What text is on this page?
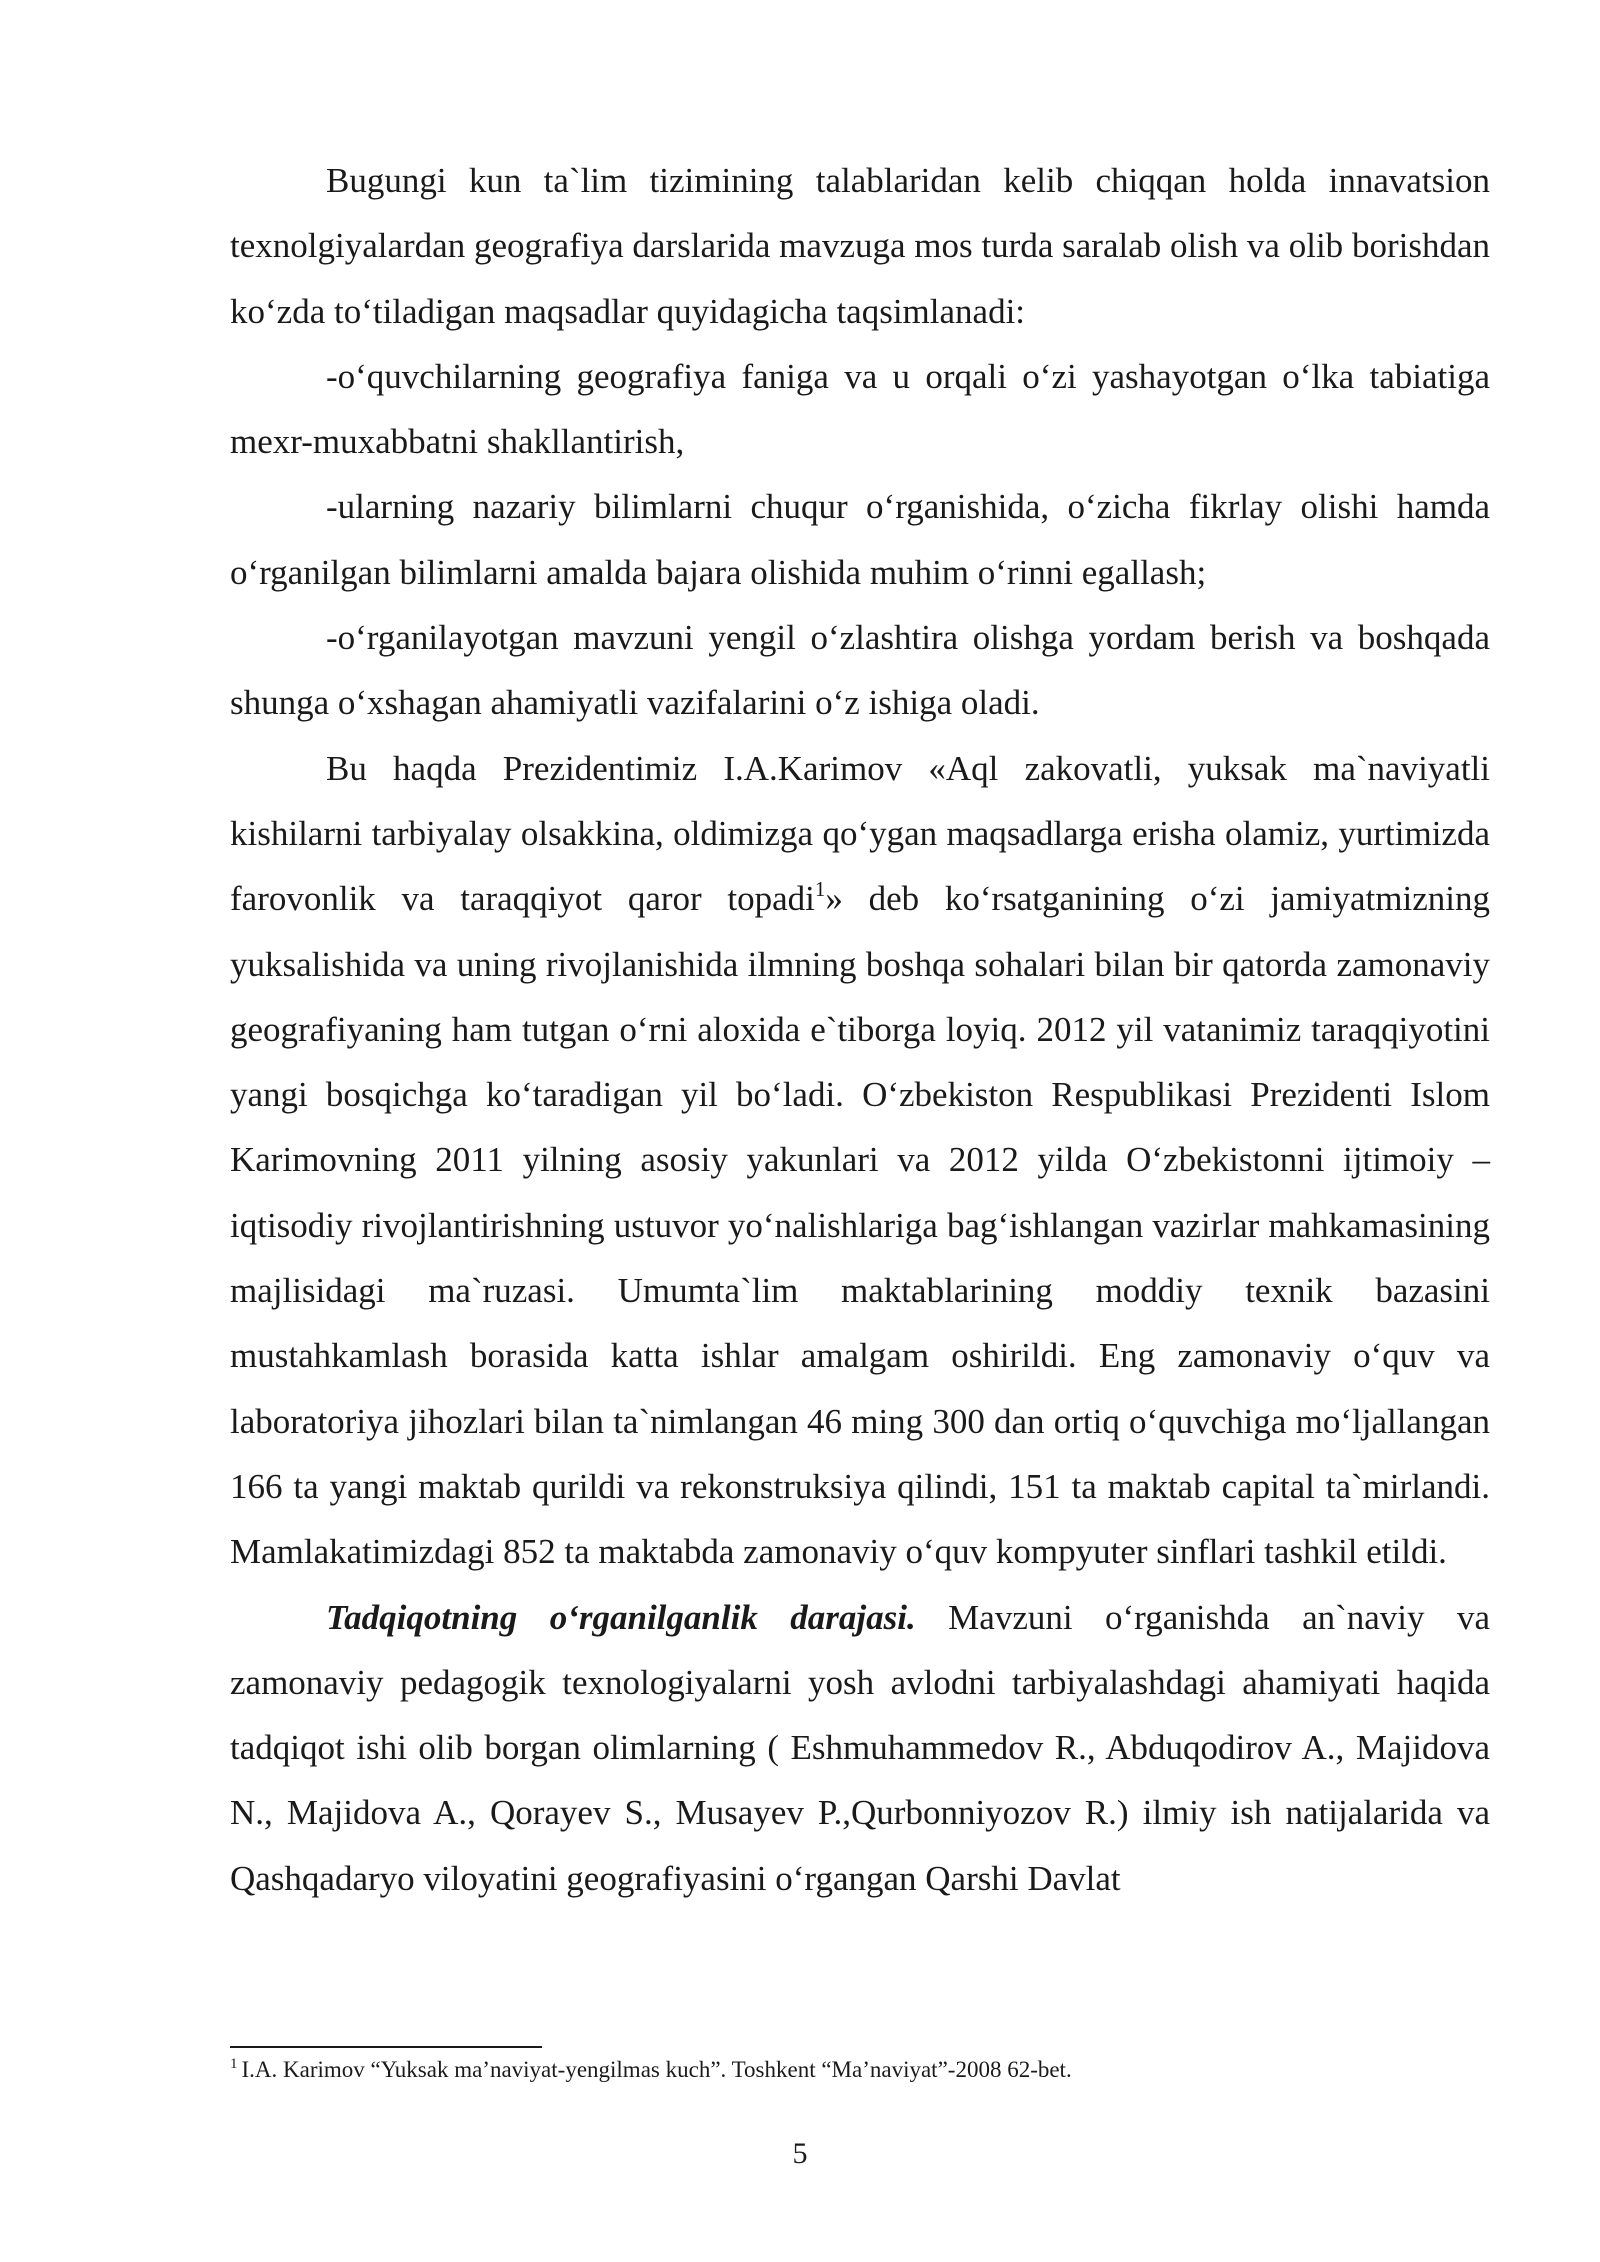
Bugungi kun ta`lim tizimining talablaridan kelib chiqqan holda innavatsion texnolgiyalardan geografiya darslarida mavzuga mos turda saralab olish va olib borishdan ko‘zda to‘tiladigan maqsadlar quyidagicha taqsimlanadi:

-o‘quvchilarning geografiya faniga va u orqali o‘zi yashayotgan o‘lka tabiatiga mexr-muxabbatni shakllantirish,

-ularning nazariy bilimlarni chuqur o‘rganishida, o‘zicha fikrlay olishi hamda o‘rganilgan bilimlarni amalda bajara olishida muhim o‘rinni egallash;

-o‘rganilayotgan mavzuni yengil o‘zlashtira olishga yordam berish va boshqada shunga o‘xshagan ahamiyatli vazifalarini o‘z ishiga oladi.

Bu haqda Prezidentimiz I.A.Karimov «Aql zakovatli, yuksak ma`naviyatli kishilarni tarbiyalay olsakkina, oldimizga qo‘ygan maqsadlarga erisha olamiz, yurtimizda farovonlik va taraqqiyot qaror topadi$^1$» deb ko‘rsatganining o‘zi jamiyatmizning yuksalishida va uning rivojlanishida ilmning boshqa sohalari bilan bir qatorda zamonaviy geografiyaning ham tutgan o‘rni aloxida e`tiborga loyiq. 2012 yil vatanimiz taraqqiyotini yangi bosqichga ko‘taradigan yil bo‘ladi. O‘zbekiston Respublikasi Prezidenti Islom Karimovning 2011 yilning asosiy yakunlari va 2012 yilda O‘zbekistonni ijtimoiy – iqtisodiy rivojlantirishning ustuvor yo‘nalishlariga bag‘ishlangan vazirlar mahkamasining majlisidagi ma`ruzasi. Umumta`lim maktablarining moddiy texnik bazasini mustahkamlash borasida katta ishlar amalgam oshirildi. Eng zamonaviy o‘quv va laboratoriya jihozlari bilan ta`nimlangan 46 ming 300 dan ortiq o‘quvchiga mo‘ljallangan 166 ta yangi maktab qurildi va rekonstruksiya qilindi, 151 ta maktab capital ta`mirlandi. Mamlakatimizdagi 852 ta maktabda zamonaviy o‘quv kompyuter sinflari tashkil etildi.

Tadqiqotning o‘rganilganlik darajasi. Mavzuni o‘rganishda an`naviy va zamonaviy pedagogik texnologiyalarni yosh avlodni tarbiyalashdagi ahamiyati haqida tadqiqot ishi olib borgan olimlarning ( Eshmuhammedov R., Abduqodirov A., Majidova N., Majidova A., Qorayev S., Musayev P.,Qurbonniyozov R.) ilmiy ish natijalarida va Qashqadaryo viloyatini geografiyasini o‘rgangan Qarshi Davlat

$^1$ I.A. Karimov “Yuksak ma’naviyat-yengilmas kuch”. Toshkent “Ma’naviyat”-2008 62-bet.
5
